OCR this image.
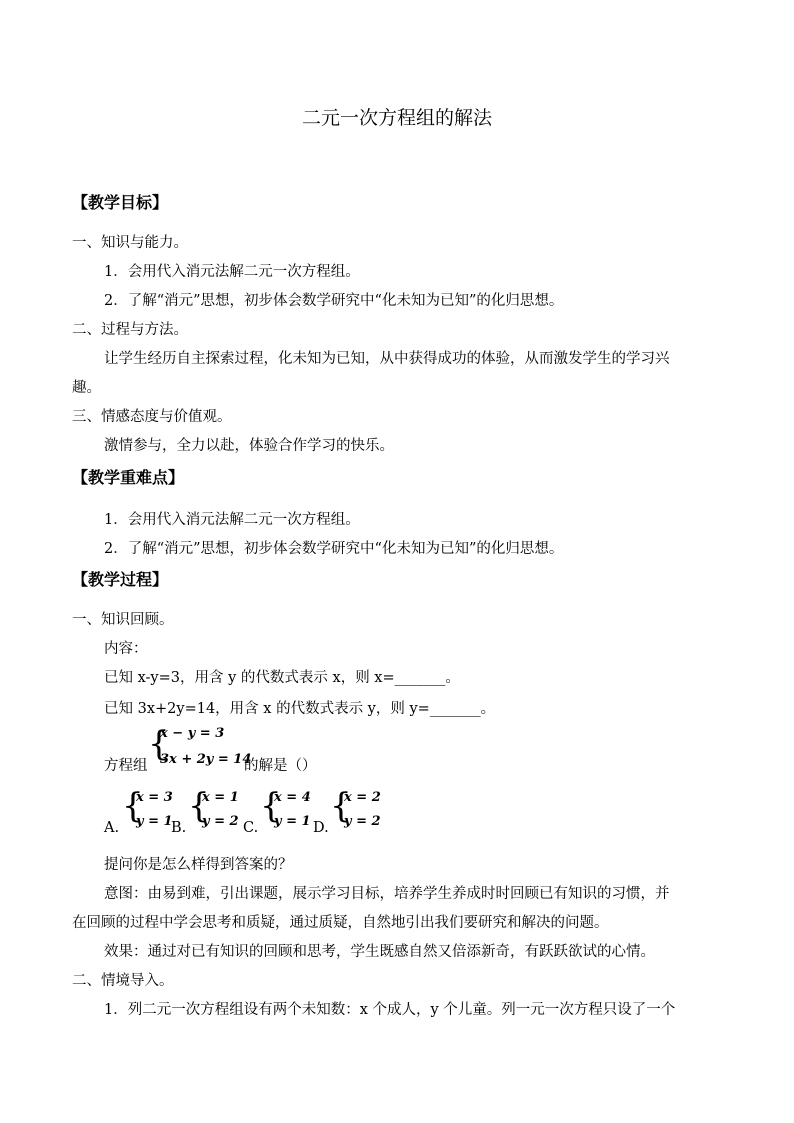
二元一次方程组的解法
【教学目标】
一、知识与能力。
1．会用代入消元法解二元一次方程组。
2．了解“消元”思想，初步体会数学研究中“化未知为已知”的化归思想。
二、过程与方法。
让学生经历自主探索过程，化未知为已知，从中获得成功的体验，从而激发学生的学习兴
趣。
三、情感态度与价值观。
激情参与，全力以赴，体验合作学习的快乐。
【教学重难点】
1．会用代入消元法解二元一次方程组。
2．了解“消元”思想，初步体会数学研究中“化未知为已知”的化归思想。
【教学过程】
一、知识回顾。
内容：
已知 x-y=3，用含 y 的代数式表示 x，则 x=_______。
已知 3x+2y=14，用含 x 的代数式表示 y，则 y=_______。
方程组
{
x − y = 3
3x + 2y = 14
的解是（）
A.
{
x = 3
y = 1
B.
{
x = 1
y = 2 C.
{
x = 4
y = 1 D.
{
x = 2
y = 2
提问你是怎么样得到答案的？
意图：由易到难，引出课题，展示学习目标，培养学生养成时时回顾已有知识的习惯，并
在回顾的过程中学会思考和质疑，通过质疑，自然地引出我们要研究和解决的问题。
效果：通过对已有知识的回顾和思考，学生既感自然又倍添新奇，有跃跃欲试的心情。
二、情境导入。
1．列二元一次方程组设有两个未知数：x 个成人，y 个儿童。列一元一次方程只设了一个
